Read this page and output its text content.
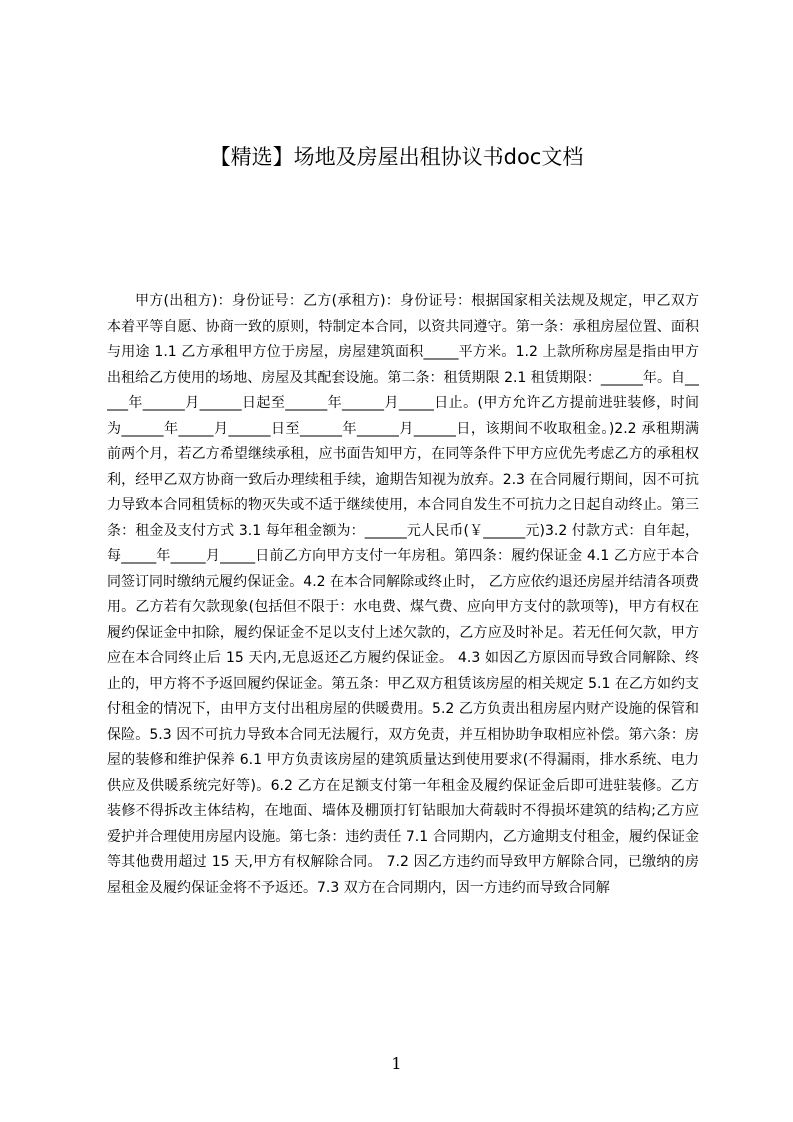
【精选】场地及房屋出租协议书doc文档
甲方(出租方)：身份证号：乙方(承租方)：身份证号：根据国家相关法规及规定，甲乙双方本着平等自愿、协商一致的原则，特制定本合同，以资共同遵守。第一条：承租房屋位置、面积与用途 1.1 乙方承租甲方位于房屋，房屋建筑面积_____平方米。1.2 上款所称房屋是指由甲方出租给乙方使用的场地、房屋及其配套设施。第二条：租赁期限 2.1 租赁期限：______年。自_____年______月______日起至______年______月_____日止。(甲方允许乙方提前进驻装修，时间为______年_____月______日至______年______月______日，该期间不收取租金。)2.2 承租期满前两个月，若乙方希望继续承租，应书面告知甲方，在同等条件下甲方应优先考虑乙方的承租权利，经甲乙双方协商一致后办理续租手续，逾期告知视为放弃。2.3 在合同履行期间，因不可抗力导致本合同租赁标的物灭失或不适于继续使用，本合同自发生不可抗力之日起自动终止。第三条：租金及支付方式 3.1 每年租金额为：______元人民币(￥______元)3.2 付款方式：自年起，每_____年_____月_____日前乙方向甲方支付一年房租。第四条：履约保证金 4.1 乙方应于本合同签订同时缴纳元履约保证金。4.2 在本合同解除或终止时， 乙方应依约退还房屋并结清各项费用。乙方若有欠款现象(包括但不限于：水电费、煤气费、应向甲方支付的款项等)，甲方有权在履约保证金中扣除，履约保证金不足以支付上述欠款的，乙方应及时补足。若无任何欠款，甲方应在本合同终止后 15 天内,无息返还乙方履约保证金。 4.3 如因乙方原因而导致合同解除、终止的，甲方将不予返回履约保证金。第五条：甲乙双方租赁该房屋的相关规定 5.1 在乙方如约支付租金的情况下，由甲方支付出租房屋的供暖费用。5.2 乙方负责出租房屋内财产设施的保管和保险。5.3 因不可抗力导致本合同无法履行，双方免责，并互相协助争取相应补偿。第六条：房屋的装修和维护保养 6.1 甲方负责该房屋的建筑质量达到使用要求(不得漏雨，排水系统、电力供应及供暖系统完好等)。6.2 乙方在足额支付第一年租金及履约保证金后即可进驻装修。乙方装修不得拆改主体结构，在地面、墙体及棚顶打钉钻眼加大荷载时不得损坏建筑的结构;乙方应爱护并合理使用房屋内设施。第七条：违约责任 7.1 合同期内，乙方逾期支付租金，履约保证金等其他费用超过 15 天,甲方有权解除合同。 7.2 因乙方违约而导致甲方解除合同，已缴纳的房屋租金及履约保证金将不予返还。7.3 双方在合同期内，因一方违约而导致合同解
1
